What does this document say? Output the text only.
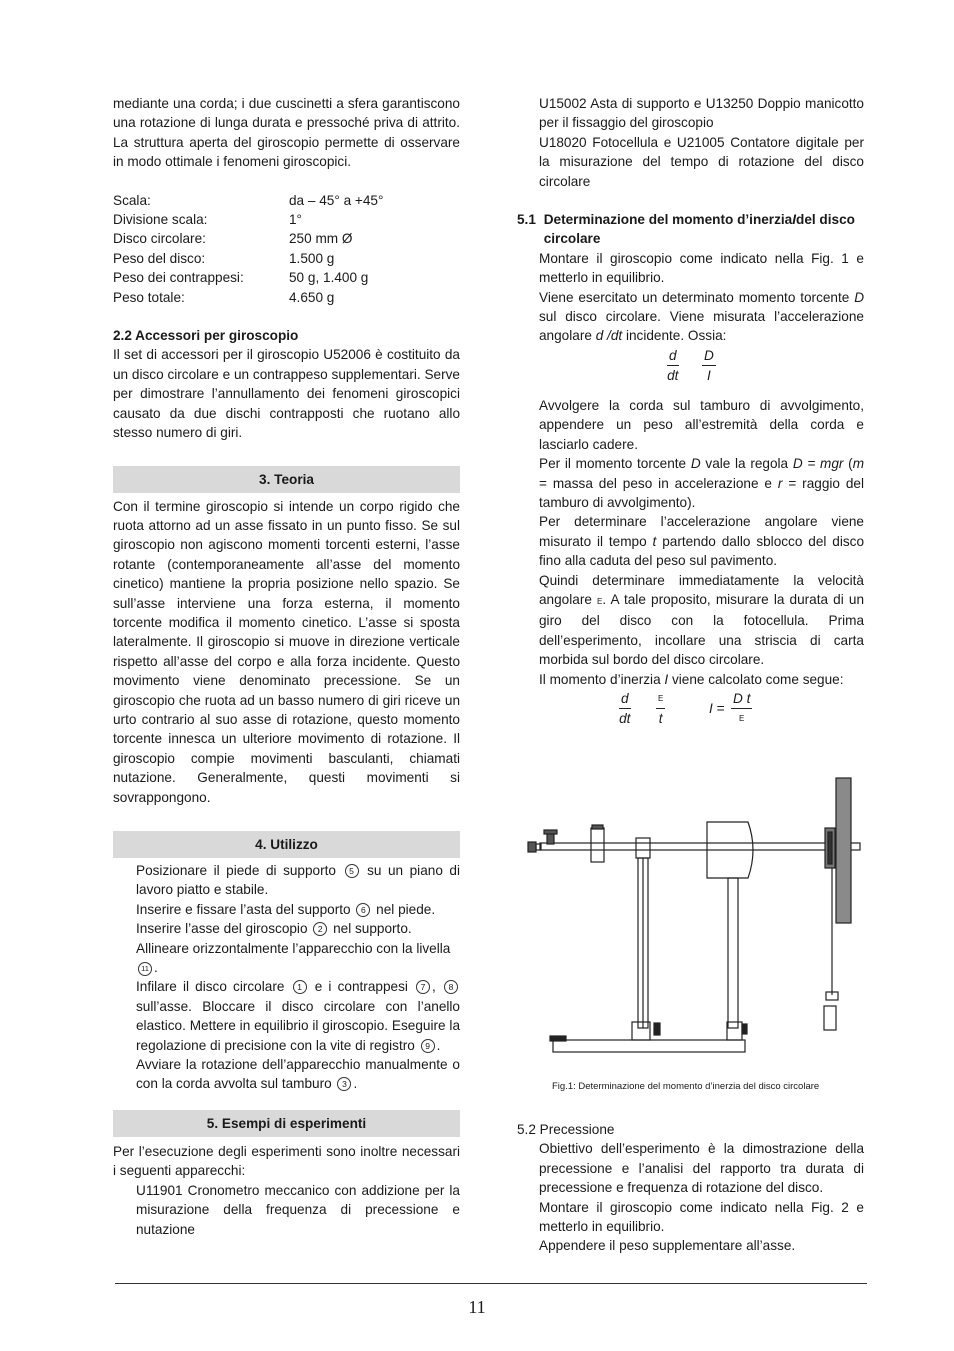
mediante una corda; i due cuscinetti a sfera garantiscono una rotazione di lunga durata e pressoché priva di attrito. La struttura aperta del giroscopio permette di osservare in modo ottimale i fenomeni giroscopici.

Scala:	da – 45° a +45°
Divisione scala:	1°
Disco circolare:	250 mm Ø
Peso del disco:	1.500 g
Peso dei contrappesi:	50 g, 1.400 g
Peso totale:	4.650 g

2.2 Accessori per giroscopio

Il set di accessori per il giroscopio U52006 è costituito da un disco circolare e un contrappeso supplementari. Serve per dimostrare l’annullamento dei fenomeni giroscopici causato da due dischi contrapposti che ruotano allo stesso numero di giri.

3. Teoria

Con il termine giroscopio si intende un corpo rigido che ruota attorno ad un asse fissato in un punto fisso. Se sul giroscopio non agiscono momenti torcenti esterni, l’asse rotante (contemporaneamente all’asse del momento cinetico) mantiene la propria posizione nello spazio. Se sull’asse interviene una forza esterna, il momento torcente modifica il momento cinetico. L’asse si sposta lateralmente. Il giroscopio si muove in direzione verticale rispetto all’asse del corpo e alla forza incidente. Questo movimento viene denominato precessione. Se un giroscopio che ruota ad un basso numero di giri riceve un urto contrario al suo asse di rotazione, questo momento torcente innesca un ulteriore movimento di rotazione. Il giroscopio compie movimenti basculanti, chiamati nutazione. Generalmente, questi movimenti si sovrappongono.

4. Utilizzo

Posizionare il piede di supporto 5 su un piano di lavoro piatto e stabile.

Inserire e fissare l’asta del supporto 6 nel piede.

Inserire l’asse del giroscopio 2 nel supporto.

Allineare orizzontalmente l’apparecchio con la livella 11 .

Infilare il disco circolare 1 e i contrappesi 7 , 8 sull’asse. Bloccare il disco circolare con l’anello elastico. Mettere in equilibrio il giroscopio. Eseguire la regolazione di precisione con la vite di registro 9 .

Avviare la rotazione dell’apparecchio manualmente o con la corda avvolta sul tamburo 3 .

5. Esempi di esperimenti

Per l’esecuzione degli esperimenti sono inoltre necessari i seguenti apparecchi:

U11901 Cronometro meccanico con addizione per la misurazione della frequenza di precessione e nutazione

U15002 Asta di supporto e U13250 Doppio manicotto per il fissaggio del giroscopio

U18020 Fotocellula e U21005 Contatore digitale per la misurazione del tempo di rotazione del disco circolare

5.1 Determinazione del momento d’inerziaIdel disco circolare

Montare il giroscopio come indicato nella Fig. 1 e metterlo in equilibrio.

Viene esercitato un determinato momento torcente D sul disco circolare. Viene misurata l’accelerazione angolare d /dt incidente. Ossia:

d
dt
D
I

Avvolgere la corda sul tamburo di avvolgimento, appendere un peso all’estremità della corda e lasciarlo cadere.

Per il momento torcente D vale la regola D = mgr (m = massa del peso in accelerazione e r = raggio del tamburo di avvolgimento).

Per determinare l’accelerazione angolare viene misurato il tempo t partendo dallo sblocco del disco fino alla caduta del peso sul pavimento.

Quindi determinare immediatamente la velocità angolare E. A tale proposito, misurare la durata di un giro del disco con la fotocellula. Prima dell’esperimento, incollare una striscia di carta morbida sul bordo del disco circolare.

Il momento d’inerzia I viene calcolato come segue:

d
dt
E
t
I =
D t
E
Fig.1: Determinazione del momento d’inerzia del disco circolare

5.2 Precessione

Obiettivo dell’esperimento è la dimostrazione della precessione e l’analisi del rapporto tra durata di precessione e frequenza di rotazione del disco.

Montare il giroscopio come indicato nella Fig. 2 e metterlo in equilibrio.

Appendere il peso supplementare all’asse.

11
